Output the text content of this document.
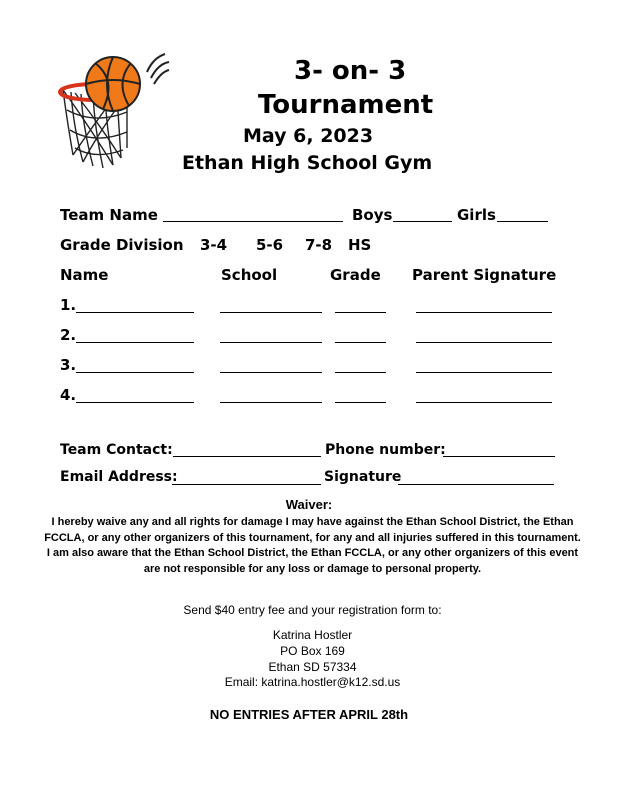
3- on- 3
Tournament
May 6, 2023
Ethan High School Gym
Team Name	Boys	Girls
Grade Division 3-4 5-6 7-8 HS
Name	School	Grade Parent Signature
1.
2.
3.
4.
Team Contact:	Phone number:
Email Address:	Signature
Waiver:
I hereby waive any and all rights for damage I may have against the Ethan School District, the Ethan
FCCLA, or any other organizers of this tournament, for any and all injuries suffered in this tournament.
I am also aware that the Ethan School District, the Ethan FCCLA, or any other organizers of this event
are not responsible for any loss or damage to personal property.
Send $40 entry fee and your registration form to:
Katrina Hostler
PO Box 169
Ethan SD 57334
Email: katrina.hostler@k12.sd.us
NO ENTRIES AFTER APRIL 28th
